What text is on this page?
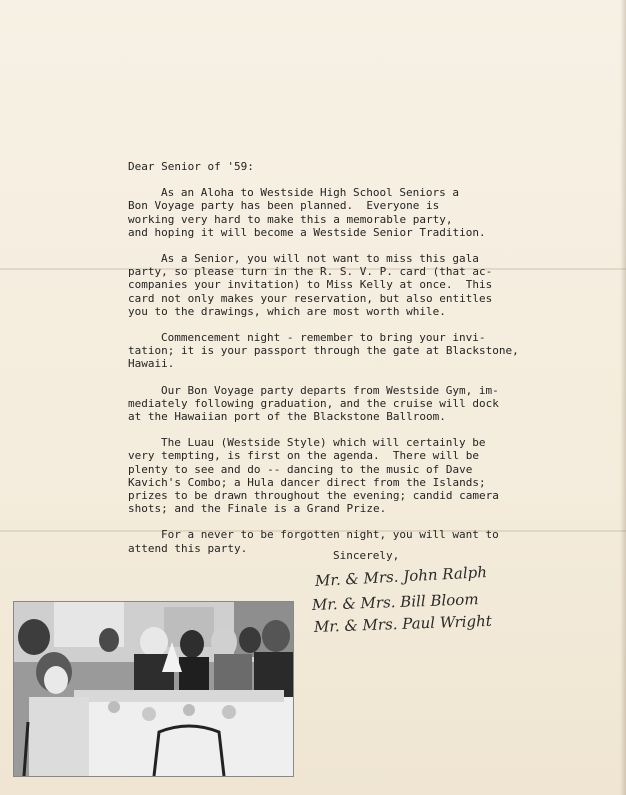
Dear Senior of '59:
As an Aloha to Westside High School Seniors a
Bon Voyage party has been planned.  Everyone is
working very hard to make this a memorable party,
and hoping it will become a Westside Senior Tradition.
As a Senior, you will not want to miss this gala
party, so please turn in the R. S. V. P. card (that ac-
companies your invitation) to Miss Kelly at once.  This
card not only makes your reservation, but also entitles
you to the drawings, which are most worth while.
Commencement night - remember to bring your invi-
tation; it is your passport through the gate at Blackstone,
Hawaii.
Our Bon Voyage party departs from Westside Gym, im-
mediately following graduation, and the cruise will dock
at the Hawaiian port of the Blackstone Ballroom.
The Luau (Westside Style) which will certainly be
very tempting, is first on the agenda.  There will be
plenty to see and do -- dancing to the music of Dave
Kavich's Combo; a Hula dancer direct from the Islands;
prizes to be drawn throughout the evening; candid camera
shots; and the Finale is a Grand Prize.
For a never to be forgotten night, you will want to
attend this party.
Sincerely,
Mr. & Mrs. John Ralph
Mr. & Mrs. Bill Bloom
Mr. & Mrs. Paul Wright
